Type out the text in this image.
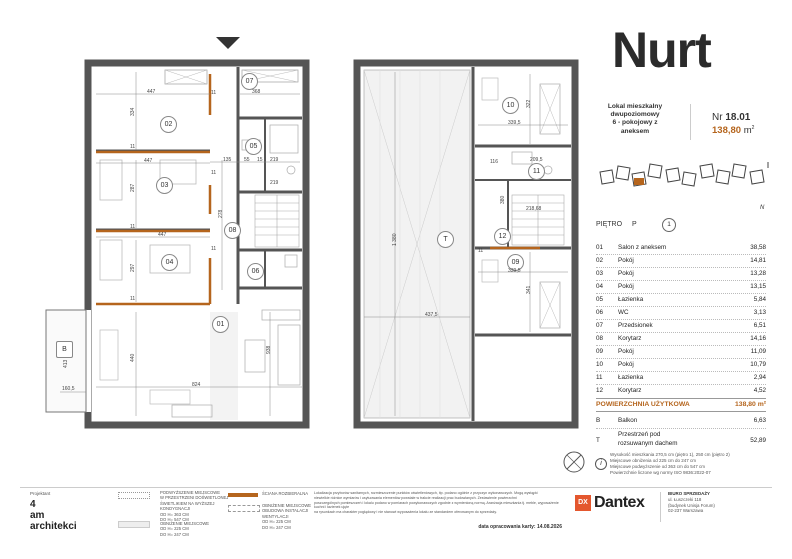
02
03
04
01
05
06
07
08
B
T
10
11
12
09
447
334
447
287
447
297
824
440
413
160,5
368
135	219
15
55
219
11
11
11
11
11
11
278
938
1 380
437,5
339,5
322
116	209,5
218,68
380
339,5
341
11
Nurt
Lokal mieszkalny
dwupoziomowy
6 - pokojowy z
aneksem
Nr 18.01
138,80 $m^2$
N
PIĘTRO P	1
01	Salon z aneksem	38,58
02	Pokój	14,81
03	Pokój	13,28
04	Pokój	13,15
05	Łazienka	5,84
06	WC	3,13
07	Przedsionek	6,51
08	Korytarz	14,16
09	Pokój	11,09
10	Pokój	10,79
11	Łazienka	2,94
12	Korytarz	4,52
POWIERZCHNIA UŻYTKOWA	138,80 m²
B	Balkon	6,63
T
Przestrzeń pod
rozsuwanym dachem	52,89
i
Wysokość mieszkania 270,5 cm (piętro 1), 250 cm (piętro 2)
Miejscowe obniżenia od 225 cm do 247 cm
Miejscowe podwyższenie od 363 cm do 547 cm
Powierzchnie liczone wg normy ISO 9836:2022-07
Projektant
4
am
architekci
PODWYŻSZENIE MIEJSCOWE
W PRZESTRZENI DOŚWIETLONEJ
ŚWIETLIKIEM NA WYŻSZEJ
KONDYGNACJI
OD H= 363 CM
DO H= 547 CM
OBNIŻENIE MIEJSCOWE
OD H= 225 CM
DO H= 247 CM
ŚCIANA ROZBIERALNA
OBNIŻENIE MIEJSCOWE
OBUDOWA INSTALACJI
WENTYLACJI
OD H= 225 CM
DO H= 247 CM
Lokalizacja przyborów sanitarnych, rozmieszczenie punktów oświetleniowych, itp. podano ogólnie z przyczyn wykonawczych. Mogą wystąpić
niewielkie różnice wymiarów i usytuowania elementów powstałe w trakcie realizacji prac budowlanych. Zestawienie powierzchni
poszczególnych pomieszczeń i lokalu podano w pomiarach powykonawczych zgodnie z wymienioną normą. Aranżacja mieszkania tj. meble, wyposażenie kuchni i łazienek ujęte
na rysunkach ma charakter poglądowy i nie stanowi wyposażenia lokalu ze standardem oferowanym do sprzedaży.
data opracowania karty: 14.08.2026
DX Dantex
BIURO SPRZEDAŻY
ul. Łuszczeki 118
(budynek Unisja Forum)
02-237 Warszawa
